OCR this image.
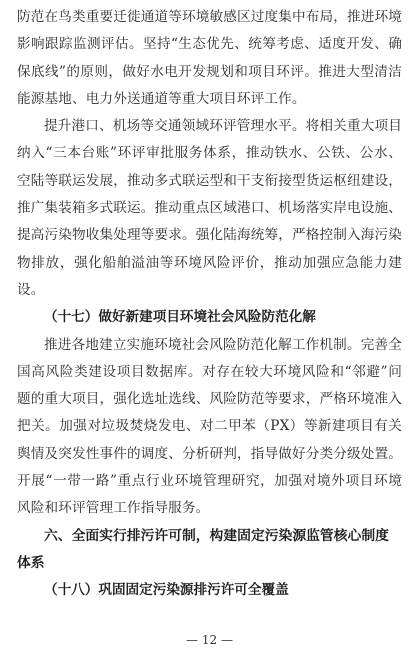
防范在鸟类重要迁徙通道等环境敏感区过度集中布局，推进环境影响跟踪监测评估。坚持“生态优先、统筹考虑、适度开发、确保底线”的原则，做好水电开发规划和项目环评。推进大型清洁能源基地、电力外送通道等重大项目环评工作。

提升港口、机场等交通领域环评管理水平。将相关重大项目纳入“三本台账”环评审批服务体系，推动铁水、公铁、公水、空陆等联运发展，推动多式联运型和干支衔接型货运枢纽建设，推广集装箱多式联运。推动重点区域港口、机场落实岸电设施、提高污染物收集处理等要求。强化陆海统筹，严格控制入海污染物排放，强化船舶溢油等环境风险评价，推动加强应急能力建设。

（十七）做好新建项目环境社会风险防范化解

推进各地建立实施环境社会风险防范化解工作机制。完善全国高风险类建设项目数据库。对存在较大环境风险和“邻避”问题的重大项目，强化选址选线、风险防范等要求，严格环境准入把关。加强对垃圾焚烧发电、对二甲苯（PX）等新建项目有关舆情及突发性事件的调度、分析研判，指导做好分类分级处置。开展“一带一路”重点行业环境管理研究，加强对境外项目环境风险和环评管理工作指导服务。

六、全面实行排污许可制，构建固定污染源监管核心制度体系

（十八）巩固固定污染源排污许可全覆盖

— 12 —
